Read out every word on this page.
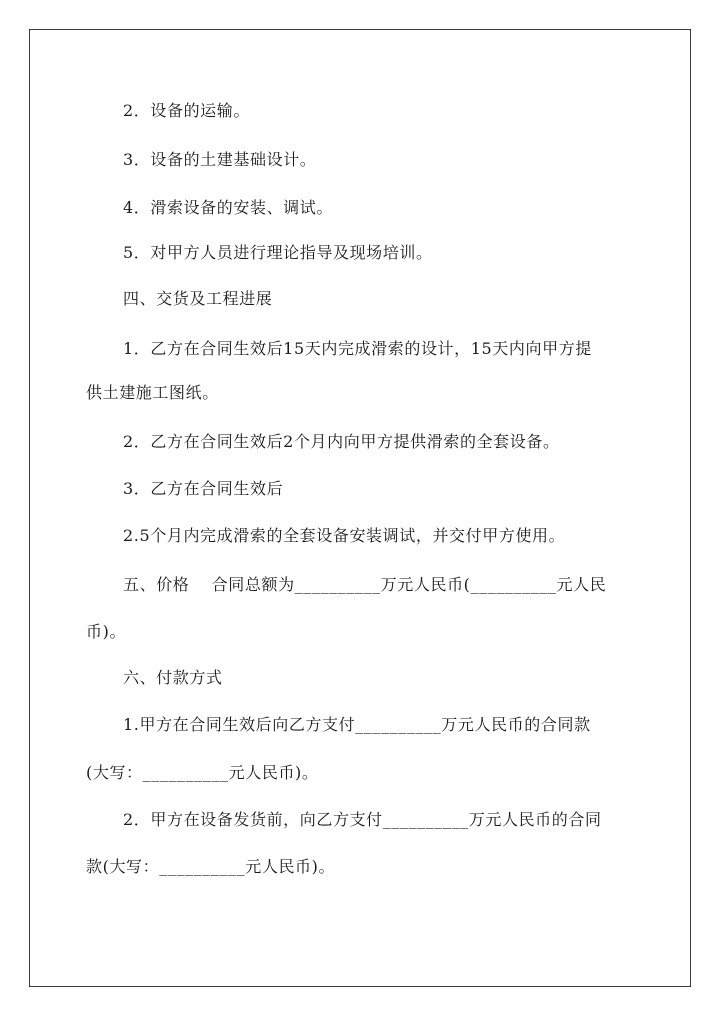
2．设备的运输。
3．设备的土建基础设计。
4．滑索设备的安装、调试。
5．对甲方人员进行理论指导及现场培训。
四、交货及工程进展
1．乙方在合同生效后15天内完成滑索的设计，15天内向甲方提
供土建施工图纸。
2．乙方在合同生效后2个月内向甲方提供滑索的全套设备。
3．乙方在合同生效后
2.5个月内完成滑索的全套设备安装调试，并交付甲方使用。
五、价格　 合同总额为__________万元人民币(__________元人民
币)。
六、付款方式
1.甲方在合同生效后向乙方支付__________万元人民币的合同款
(大写：__________元人民币)。
2．甲方在设备发货前，向乙方支付__________万元人民币的合同
款(大写：__________元人民币)。
